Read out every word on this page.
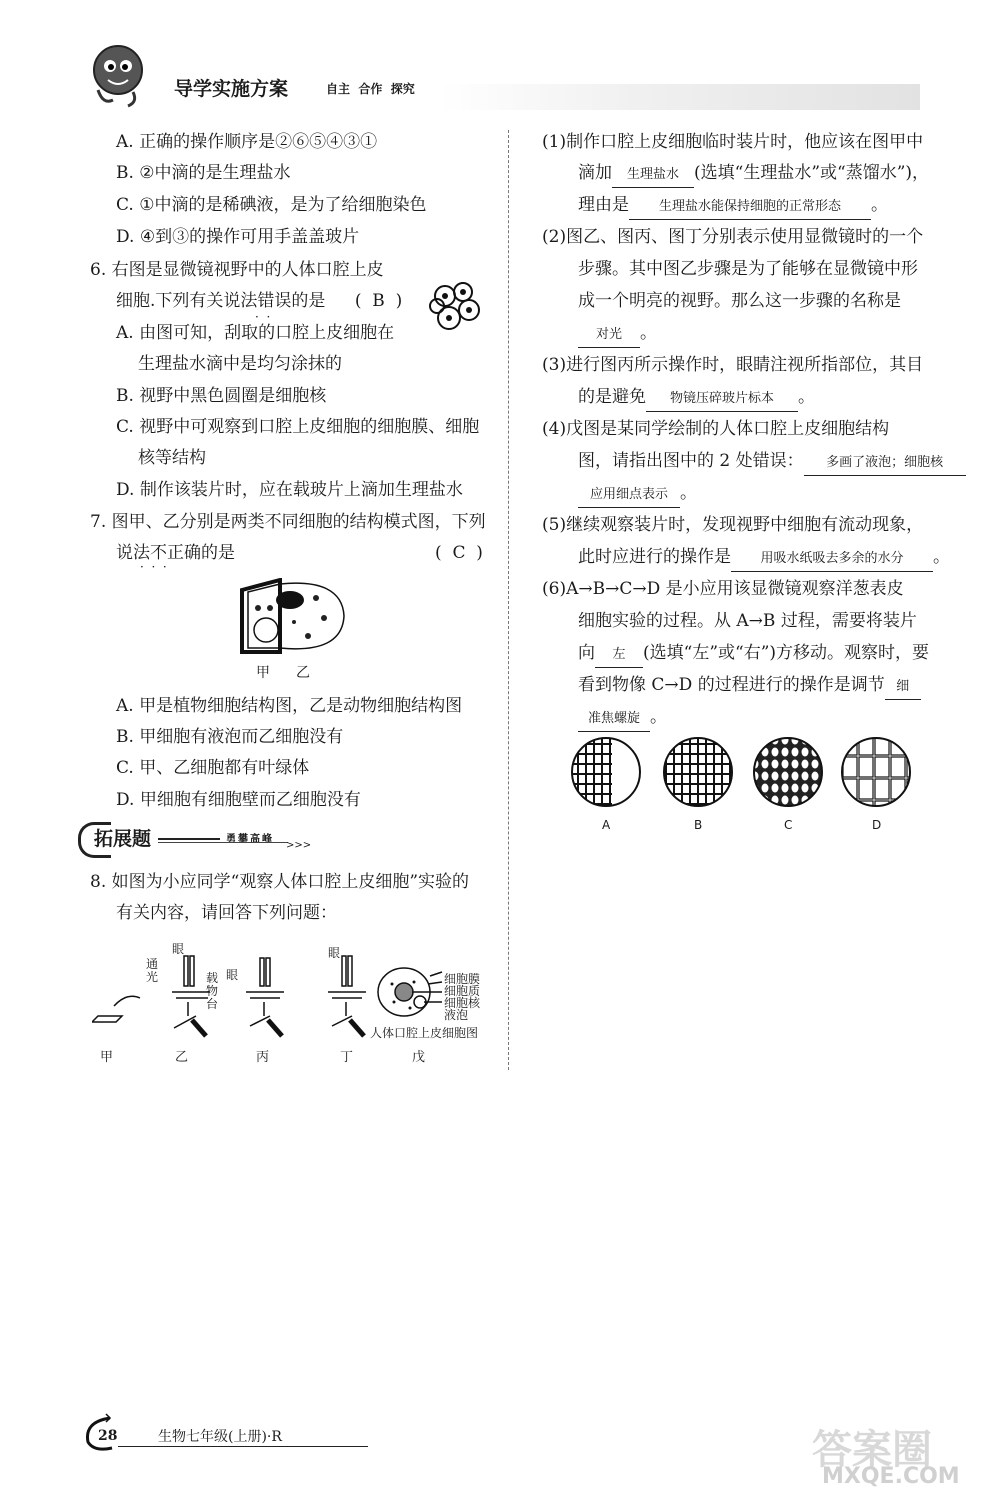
导学实施方案	自主  合作  探究
A. 正确的操作顺序是②⑥⑤④③①
B. ②中滴的是生理盐水
C. ①中滴的是稀碘液，是为了给细胞染色
D. ④到③的操作可用手盖盖玻片
6. 右图是显微镜视野中的人体口腔上皮
细胞.下列有关说法错误的是 (  B  )
·  ·
A. 由图可知，刮取的口腔上皮细胞在
生理盐水滴中是均匀涂抹的
B. 视野中黑色圆圈是细胞核
C. 视野中可观察到口腔上皮细胞的细胞膜、细胞
核等结构
D. 制作该装片时，应在载玻片上滴加生理盐水
7. 图甲、乙分别是两类不同细胞的结构模式图，下列
说法不正确的是
·  ·  ·
(  C  )
甲 乙
A. 甲是植物细胞结构图，乙是动物细胞结构图
B. 甲细胞有液泡而乙细胞没有
C. 甲、乙细胞都有叶绿体
D. 甲细胞有细胞壁而乙细胞没有
拓展题	勇攀高峰
>>>
8. 如图为小应同学“观察人体口腔上皮细胞”实验的
有关内容，请回答下列问题：
眼
眼
眼
通光	载物台
细胞膜
细胞质
细胞核
液泡
人体口腔上皮细胞图
甲	乙	丙	丁	戊
(1)制作口腔上皮细胞临时装片时，他应该在图甲中
滴加 生理盐水 (选填“生理盐水”或“蒸馏水”)，
理由是 生理盐水能保持细胞的正常形态 。
(2)图乙、图丙、图丁分别表示使用显微镜时的一个
步骤。其中图乙步骤是为了能够在显微镜中形
成一个明亮的视野。那么这一步骤的名称是
对光 。
(3)进行图丙所示操作时，眼睛注视所指部位，其目
的是避免 物镜压碎玻片标本 。
(4)戊图是某同学绘制的人体口腔上皮细胞结构
图，请指出图中的 2 处错误： 多画了液泡；细胞核
应用细点表示 。
(5)继续观察装片时，发现视野中细胞有流动现象，
此时应进行的操作是 用吸水纸吸去多余的水分 。
(6)A→B→C→D 是小应用该显微镜观察洋葱表皮
细胞实验的过程。从 A→B 过程，需要将装片
向 左 (选填“左”或“右”)方移动。观察时，要
看到物像 C→D 的过程进行的操作是调节 细
准焦螺旋 。
A	B	C	D
28	生物七年级(上册)·R	答案圈
MXQE.COM
